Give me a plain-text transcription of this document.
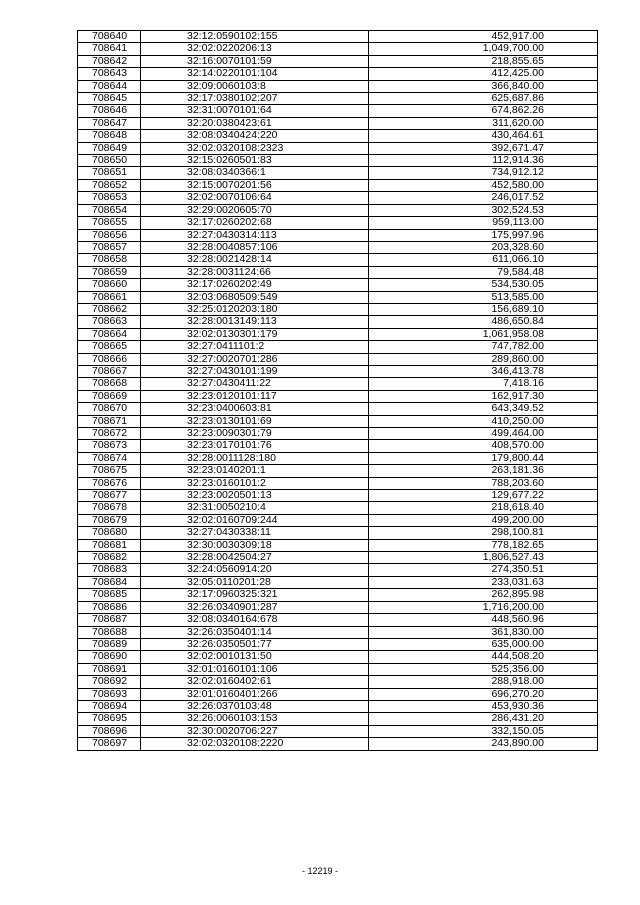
708640	32:12:0590102:155	452,917.00
708641	32:02:0220206:13	1,049,700.00
708642	32:16:0070101:59	218,855.65
708643	32:14:0220101:104	412,425.00
708644	32:09:0060103:8	366,840.00
708645	32:17:0380102:207	625,687.86
708646	32:31:0070101:64	674,862.26
708647	32:20:0380423:61	311,620.00
708648	32:08:0340424:220	430,464.61
708649	32:02:0320108:2323	392,671.47
708650	32:15:0260501:83	112,914.36
708651	32:08:0340366:1	734,912.12
708652	32:15:0070201:56	452,580.00
708653	32:02:0070106:64	246,017.52
708654	32:29:0020605:70	302,524.53
708655	32:17:0260202:68	959,113.00
708656	32:27:0430314:113	175,997.96
708657	32:28:0040857:106	203,328.60
708658	32:28:0021428:14	611,066.10
708659	32:28:0031124:66	79,584.48
708660	32:17:0260202:49	534,530.05
708661	32:03:0680509:549	513,585.00
708662	32:25:0120203:180	156,689.10
708663	32:28:0013149:113	486,650.84
708664	32:02:0130301:179	1,061,958.08
708665	32:27:0411101:2	747,782.00
708666	32:27:0020701:286	289,860.00
708667	32:27:0430101:199	346,413.78
708668	32:27:0430411:22	7,418.16
708669	32:23:0120101:117	162,917.30
708670	32:23:0400603:81	643,349.52
708671	32:23:0130101:69	410,250.00
708672	32:23:0090301:79	499,464.00
708673	32:23:0170101:76	408,570.00
708674	32:28:0011128:180	179,800.44
708675	32:23:0140201:1	263,181.36
708676	32:23:0160101:2	788,203.60
708677	32:23:0020501:13	129,677.22
708678	32:31:0050210:4	218,618.40
708679	32:02:0160709:244	499,200.00
708680	32:27:0430338:11	298,100.81
708681	32:30:0030309:18	778,182.65
708682	32:28:0042504:27	1,806,527.43
708683	32:24:0560914:20	274,350.51
708684	32:05:0110201:28	233,031.63
708685	32:17:0960325:321	262,895.98
708686	32:26:0340901:287	1,716,200.00
708687	32:08:0340164:678	448,560.96
708688	32:26:0350401:14	361,830.00
708689	32:26:0350501:77	635,000.00
708690	32:02:0010131:50	444,508.20
708691	32:01:0160101:106	525,356.00
708692	32:02:0160402:61	288,918.00
708693	32:01:0160401:266	696,270.20
708694	32:26:0370103:48	453,930.36
708695	32:26:0060103:153	286,431.20
708696	32:30:0020706:227	332,150.05
708697	32:02:0320108:2220	243,890.00
- 12219 -
